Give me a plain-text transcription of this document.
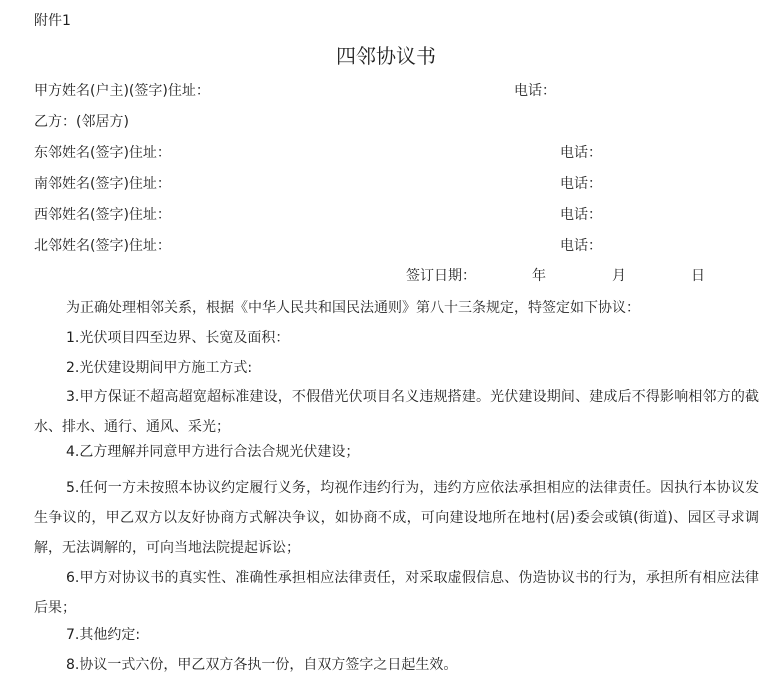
附件1
四邻协议书
甲方姓名(户主)(签字)住址：	电话：
乙方：(邻居方)
东邻姓名(签字)住址：	电话：
南邻姓名(签字)住址：	电话：
西邻姓名(签字)住址：	电话：
北邻姓名(签字)住址：	电话：
签订日期：	年	月	日
为正确处理相邻关系，根据《中华人民共和国民法通则》第八十三条规定，特签定如下协议：
1.光伏项目四至边界、长宽及面积：
2.光伏建设期间甲方施工方式:
3.甲方保证不超高超宽超标准建设，不假借光伏项目名义违规搭建。光伏建设期间、建成后不得影响相邻方的截水、排水、通行、通风、采光；
4.乙方理解并同意甲方进行合法合规光伏建设；
5.任何一方未按照本协议约定履行义务，均视作违约行为，违约方应依法承担相应的法律责任。因执行本协议发生争议的，甲乙双方以友好协商方式解决争议，如协商不成，可向建设地所在地村(居)委会或镇(街道)、园区寻求调解，无法调解的，可向当地法院提起诉讼；
6.甲方对协议书的真实性、准确性承担相应法律责任，对采取虚假信息、伪造协议书的行为，承担所有相应法律后果；
7.其他约定:
8.协议一式六份，甲乙双方各执一份，自双方签字之日起生效。
